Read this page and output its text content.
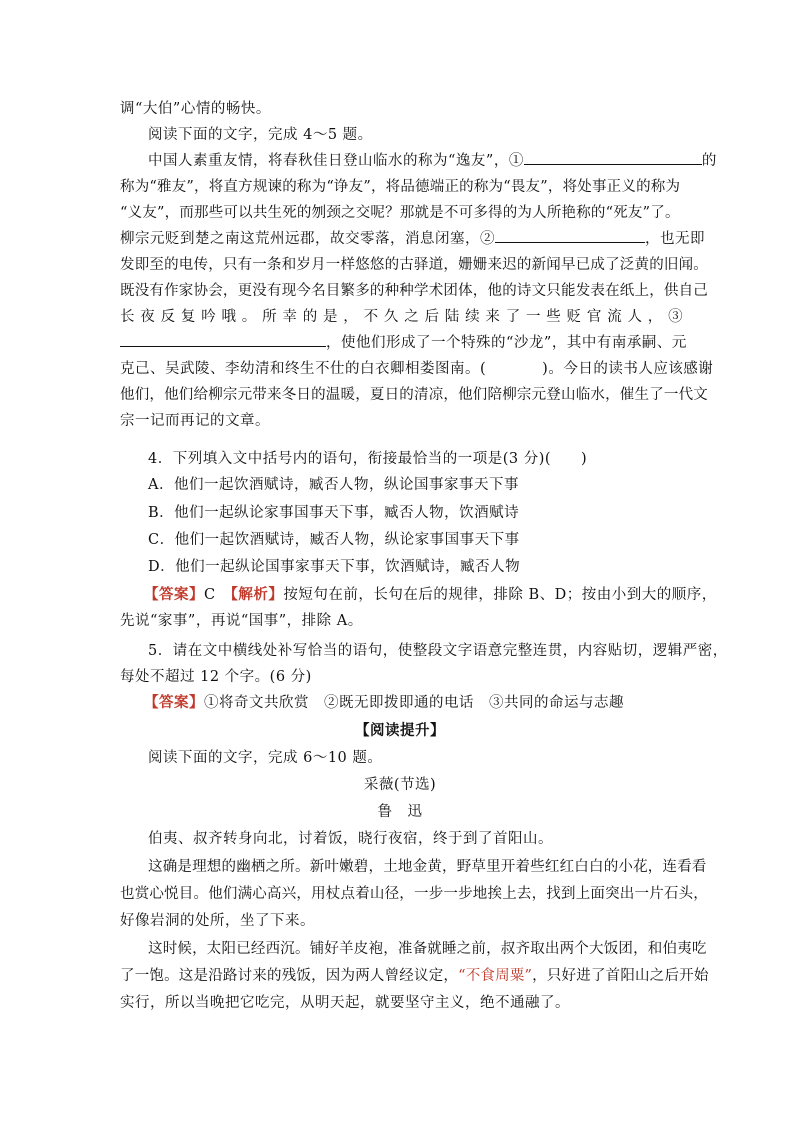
调“大伯”心情的畅快。
阅读下面的文字，完成 4～5 题。
中国人素重友情，将春秋佳日登山临水的称为“逸友”，①	的
称为“雅友”，将直方规谏的称为“诤友”，将品德端正的称为“畏友”，将处事正义的称为
“义友”，而那些可以共生死的刎颈之交呢？那就是不可多得的为人所艳称的“死友”了。
柳宗元贬到楚之南这荒州远郡，故交零落，消息闭塞，②	，也无即
发即至的电传，只有一条和岁月一样悠悠的古驿道，姗姗来迟的新闻早已成了泛黄的旧闻。
既没有作家协会，更没有现今名目繁多的种种学术团体，他的诗文只能发表在纸上，供自己
长夜反复吟哦。所幸的是，不久之后陆续来了一些贬官流人，③
，使他们形成了一个特殊的“沙龙”，其中有南承嗣、元
克己、吴武陵、李幼清和终生不仕的白衣卿相娄图南。(	)。今日的读书人应该感谢
他们，他们给柳宗元带来冬日的温暖，夏日的清凉，他们陪柳宗元登山临水，催生了一代文
宗一记而再记的文章。
4．下列填入文中括号内的语句，衔接最恰当的一项是(3 分)(　　)
A．他们一起饮酒赋诗，臧否人物，纵论国事家事天下事
B．他们一起纵论家事国事天下事，臧否人物，饮酒赋诗
C．他们一起饮酒赋诗，臧否人物，纵论家事国事天下事
D．他们一起纵论国事家事天下事，饮酒赋诗，臧否人物
【答案】C　 【解析】按短句在前，长句在后的规律，排除 B、D；按由小到大的顺序，
先说“家事”，再说“国事”，排除 A。
5．请在文中横线处补写恰当的语句，使整段文字语意完整连贯，内容贴切，逻辑严密，
每处不超过 12 个字。(6 分)
【答案】①将奇文共欣赏　②既无即拨即通的电话　③共同的命运与志趣
【阅读提升】
阅读下面的文字，完成 6～10 题。
采薇(节选)
鲁　迅
伯夷、叔齐转身向北，讨着饭，晓行夜宿，终于到了首阳山。
这确是理想的幽栖之所。新叶嫩碧，土地金黄，野草里开着些红红白白的小花，连看看
也赏心悦目。他们满心高兴，用杖点着山径，一步一步地挨上去，找到上面突出一片石头，
好像岩洞的处所，坐了下来。
这时候，太阳已经西沉。铺好羊皮袍，准备就睡之前，叔齐取出两个大饭团，和伯夷吃
了一饱。这是沿路讨来的残饭，因为两人曾经议定，“不食周粟”，只好进了首阳山之后开始
实行，所以当晚把它吃完，从明天起，就要坚守主义，绝不通融了。
